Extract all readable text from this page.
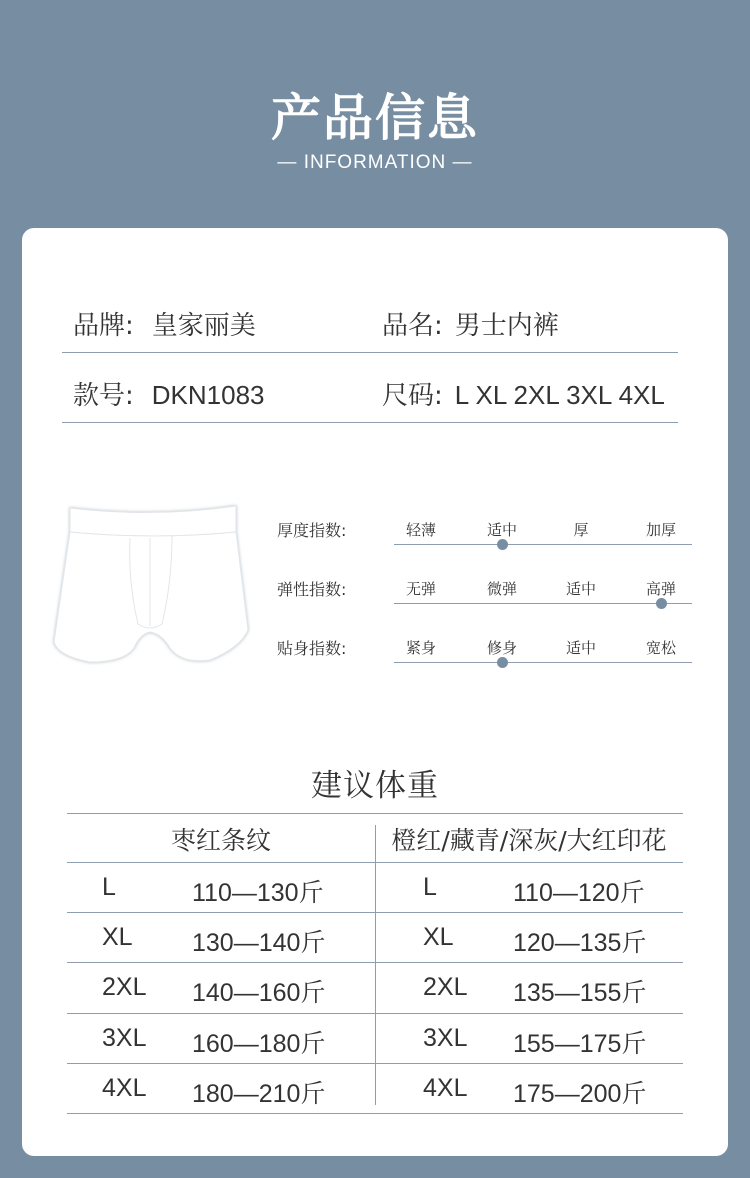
产品信息
— INFORMATION —
品牌: 皇家丽美	品名: 男士内裤
款号: DKN1083	尺码: L XL 2XL 3XL 4XL
厚度指数:	轻薄	适中	厚	加厚
弹性指数:	无弹	微弹	适中	高弹
贴身指数:	紧身	修身	适中	宽松
建议体重
枣红条纹	橙红/藏青/深灰/大红印花
L	110—130斤	L	110—120斤
XL 130—140斤	XL 120—135斤
2XL 140—160斤	2XL 135—155斤
3XL 160—180斤	3XL 155—175斤
4XL 180—210斤	4XL 175—200斤
